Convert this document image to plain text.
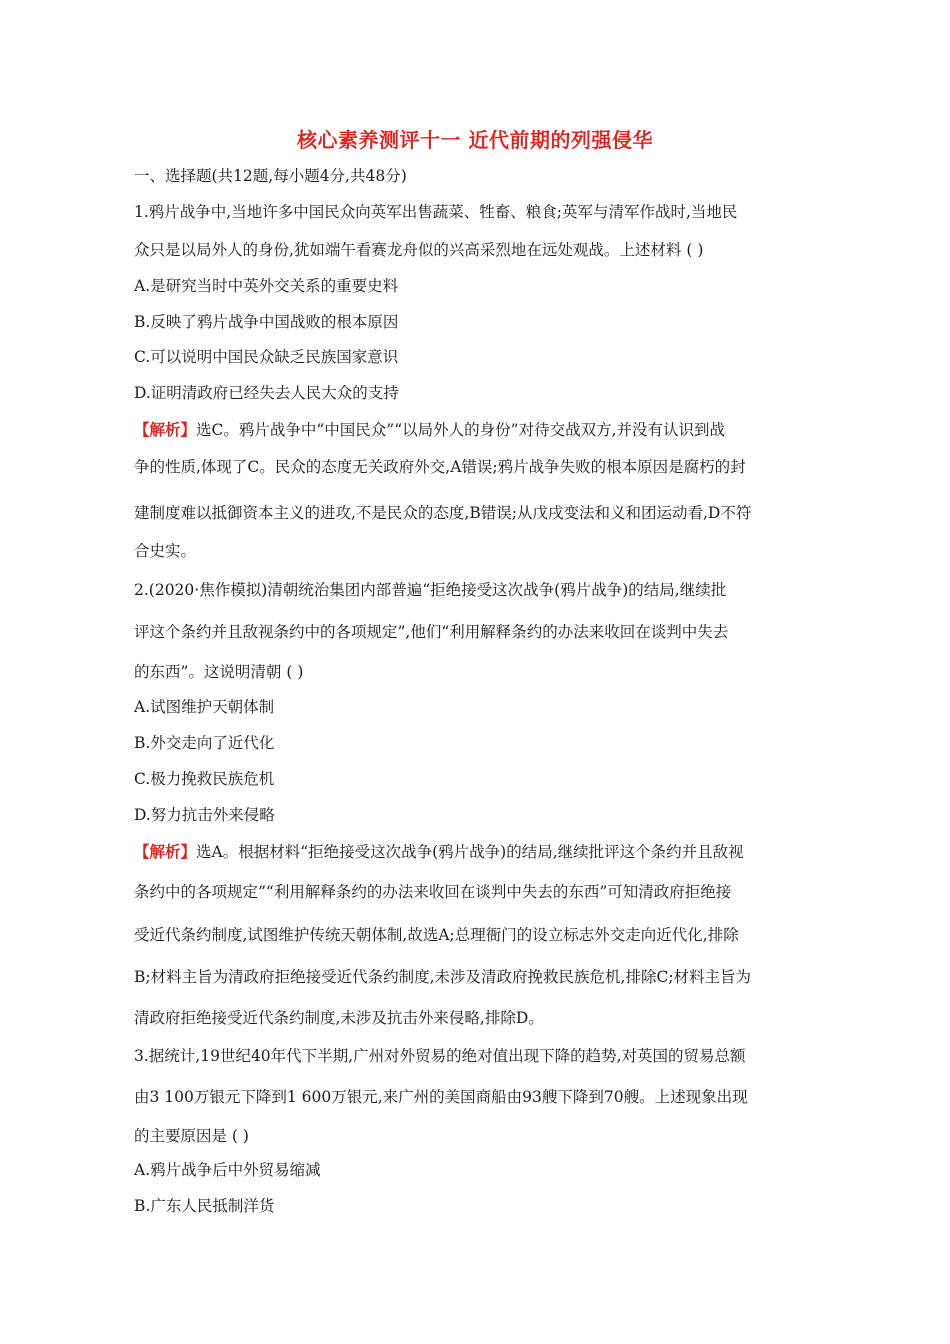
核心素养测评十一 近代前期的列强侵华
一、选择题(共12题,每小题4分,共48分)
1.鸦片战争中,当地许多中国民众向英军出售蔬菜、牲畜、粮食;英军与清军作战时,当地民
众只是以局外人的身份,犹如端午看赛龙舟似的兴高采烈地在远处观战。上述材料 ( )
A.是研究当时中英外交关系的重要史料
B.反映了鸦片战争中国战败的根本原因
C.可以说明中国民众缺乏民族国家意识
D.证明清政府已经失去人民大众的支持
【解析】选C。鸦片战争中“中国民众”“以局外人的身份”对待交战双方,并没有认识到战
争的性质,体现了C。民众的态度无关政府外交,A错误;鸦片战争失败的根本原因是腐朽的封
建制度难以抵御资本主义的进攻,不是民众的态度,B错误;从戊戌变法和义和团运动看,D不符
合史实。
2.(2020·焦作模拟)清朝统治集团内部普遍“拒绝接受这次战争(鸦片战争)的结局,继续批
评这个条约并且敌视条约中的各项规定”,他们“利用解释条约的办法来收回在谈判中失去
的东西”。这说明清朝 ( )
A.试图维护天朝体制
B.外交走向了近代化
C.极力挽救民族危机
D.努力抗击外来侵略
【解析】选A。根据材料“拒绝接受这次战争(鸦片战争)的结局,继续批评这个条约并且敌视
条约中的各项规定”“利用解释条约的办法来收回在谈判中失去的东西”可知清政府拒绝接
受近代条约制度,试图维护传统天朝体制,故选A;总理衙门的设立标志外交走向近代化,排除
B;材料主旨为清政府拒绝接受近代条约制度,未涉及清政府挽救民族危机,排除C;材料主旨为
清政府拒绝接受近代条约制度,未涉及抗击外来侵略,排除D。
3.据统计,19世纪40年代下半期,广州对外贸易的绝对值出现下降的趋势,对英国的贸易总额
由3 100万银元下降到1 600万银元,来广州的美国商船由93艘下降到70艘。上述现象出现
的主要原因是 ( )
A.鸦片战争后中外贸易缩减
B.广东人民抵制洋货
